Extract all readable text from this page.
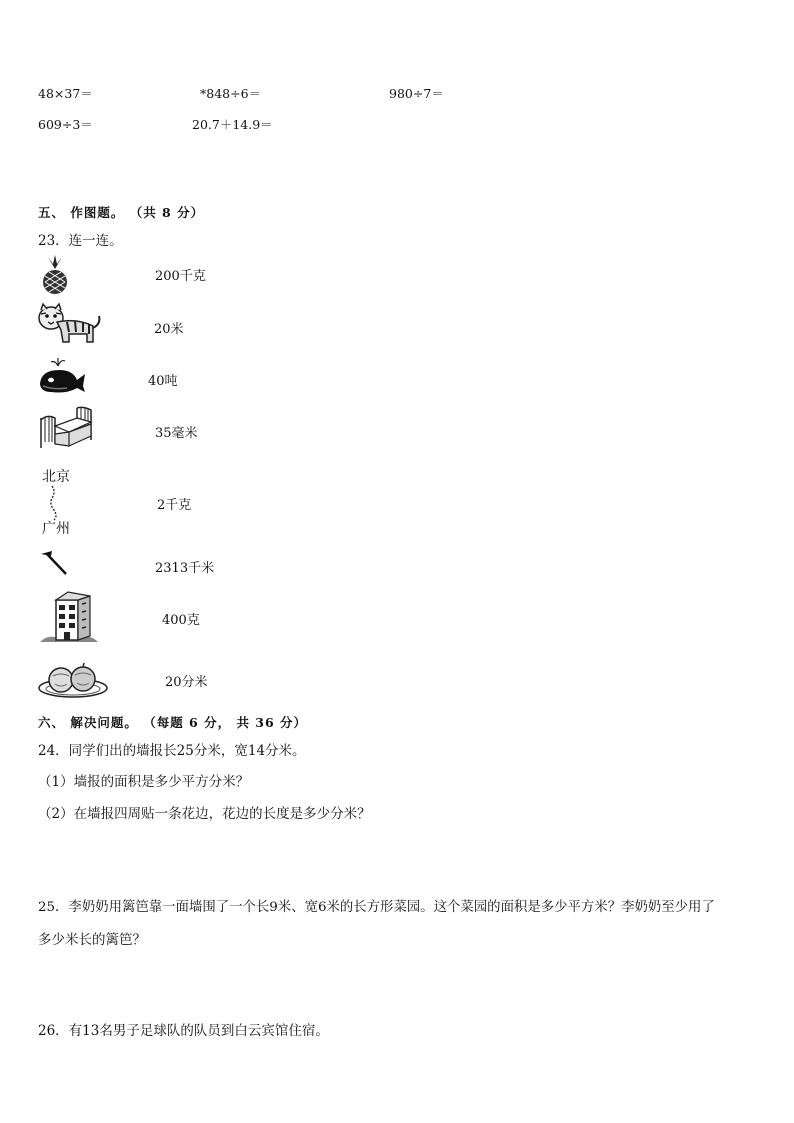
48×37＝	*848÷6＝	980÷7＝
609÷3＝	20.7＋14.9＝
五、 作图题。 （共 8 分）
23．连一连。
200千克
20米
40吨
35毫米
北京
广州
2千克
2313千米
400克
20分米
六、 解决问题。 （每题 6 分， 共 36 分）
24．同学们出的墙报长25分米，宽14分米。
（1）墙报的面积是多少平方分米？
（2）在墙报四周贴一条花边，花边的长度是多少分米？
25．李奶奶用篱笆靠一面墙围了一个长9米、宽6米的长方形菜园。这个菜园的面积是多少平方米？李奶奶至少用了
多少米长的篱笆？
26．有13名男子足球队的队员到白云宾馆住宿。
